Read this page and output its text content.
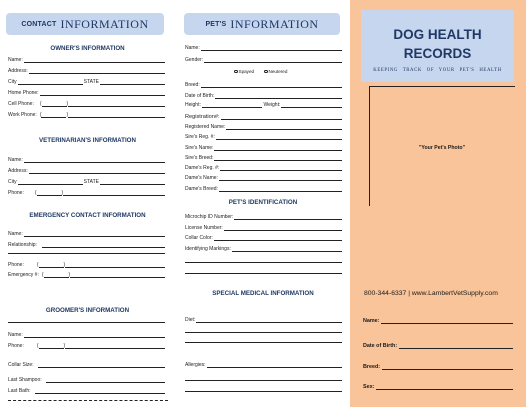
CONTACT INFORMATION
OWNER'S INFORMATION
Name:
Address:
City	STATE
Home Phone:
Cell Phone: (	)
Work Phone: (	)
VETERINARIAN'S INFORMATION
Name:
Address:
City	STATE
Phone: (	)
EMERGENCY CONTACT INFORMATION
Name:
Relationship:
Phone:	(	)
Emergency #: (	)
GROOMER'S INFORMATION
Name:
Phone:	(	)
Collar Size:
Last Shampoo:
Last Bath:
PET'S INFORMATION
Name:
Gender:
Spayed	Neutered
Breed:
Date of Birth:
Height:	Weight:
Registration#:
Registered Name:
Sire's Reg. #:
Sire's Name:
Sire's Breed:
Dame's Reg. #:
Dame's Name:
Dame's Breed:
PET'S IDENTIFICATION
Microchip ID Number:
License Number:
Collar Color:
Identifying Markings:
SPECIAL MEDICAL INFORMATION
Diet:
Allergies:
DOG HEALTH
RECORDS
KEEPING TRACK OF YOUR PET'S HEALTH
"Your Pet's Photo"
800-344-6337 | www.LambertVetSupply.com
Name:
Date of Birth:
Breed:
Sex:
